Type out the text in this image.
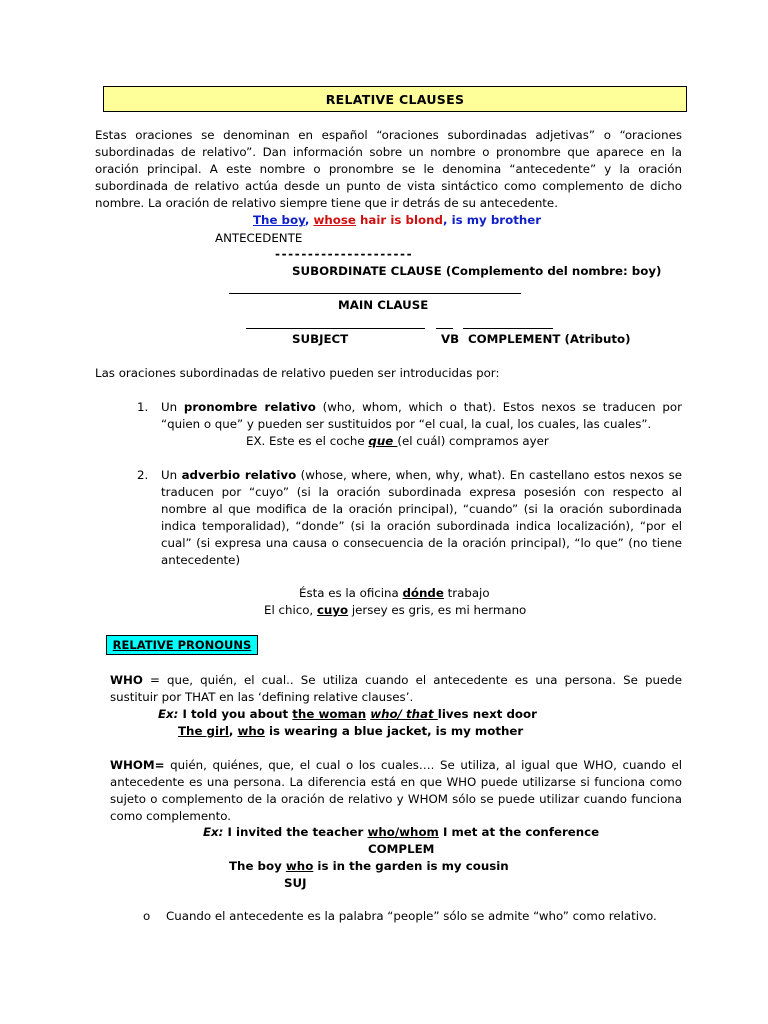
RELATIVE CLAUSES
Estas oraciones se denominan en español “oraciones subordinadas adjetivas” o “oraciones subordinadas de relativo”. Dan información sobre un nombre o pronombre que aparece en la oración principal. A este nombre o pronombre se le denomina “antecedente” y la oración subordinada de relativo actúa desde un punto de vista sintáctico como complemento de dicho nombre. La oración de relativo siempre tiene que ir detrás de su antecedente.
The boy, whose hair is blond, is my brother
ANTECEDENTE
---------------------
SUBORDINATE CLAUSE (Complemento del nombre: boy)
MAIN CLAUSE
SUBJECT	VB COMPLEMENT (Atributo)
Las oraciones subordinadas de relativo pueden ser introducidas por:
1. Un pronombre relativo (who, whom, which o that). Estos nexos se traducen por “quien o que” y pueden ser sustituidos por “el cual, la cual, los cuales, las cuales”.
EX. Este es el coche que (el cuál) compramos ayer
2. Un adverbio relativo (whose, where, when, why, what). En castellano estos nexos se traducen por “cuyo” (si la oración subordinada expresa posesión con respecto al nombre al que modifica de la oración principal), “cuando” (si la oración subordinada indica temporalidad), “donde” (si la oración subordinada indica localización), “por el cual” (si expresa una causa o consecuencia de la oración principal), “lo que” (no tiene antecedente)
Ésta es la oficina dónde trabajo
El chico, cuyo jersey es gris, es mi hermano
RELATIVE PRONOUNS
WHO = que, quién, el cual.. Se utiliza cuando el antecedente es una persona. Se puede sustituir por THAT en las ‘defining relative clauses’.
Ex: I told you about the woman who/ that lives next door
The girl, who is wearing a blue jacket, is my mother
WHOM= quién, quiénes, que, el cual o los cuales…. Se utiliza, al igual que WHO, cuando el antecedente es una persona. La diferencia está en que WHO puede utilizarse si funciona como sujeto o complemento de la oración de relativo y WHOM sólo se puede utilizar cuando funciona como complemento.
Ex: I invited the teacher who/whom I met at the conference
COMPLEM
The boy who is in the garden is my cousin
SUJ
o Cuando el antecedente es la palabra “people” sólo se admite “who” como relativo.
